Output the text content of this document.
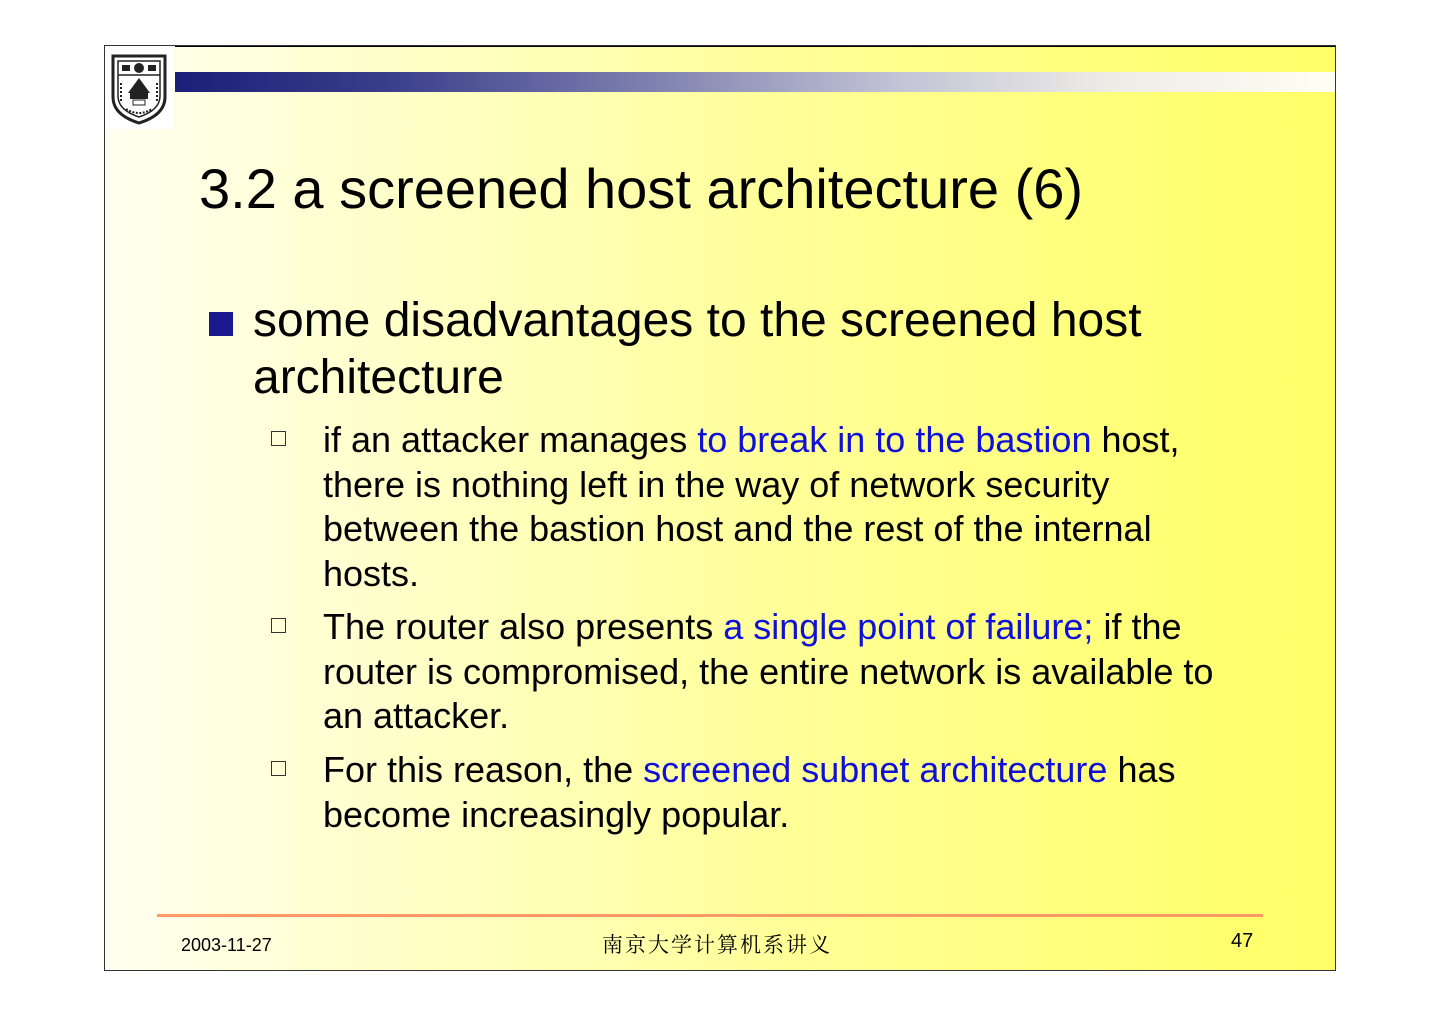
3.2 a screened host architecture (6)
some disadvantages to the screened host architecture
if an attacker manages to break in to the bastion host, there is nothing left in the way of network security between the bastion host and the rest of the internal hosts.
The router also presents a single point of failure; if the router is compromised, the entire network is available to an attacker.
For this reason, the screened subnet architecture has become increasingly popular.
2003-11-27	南京大学计算机系讲义	47
